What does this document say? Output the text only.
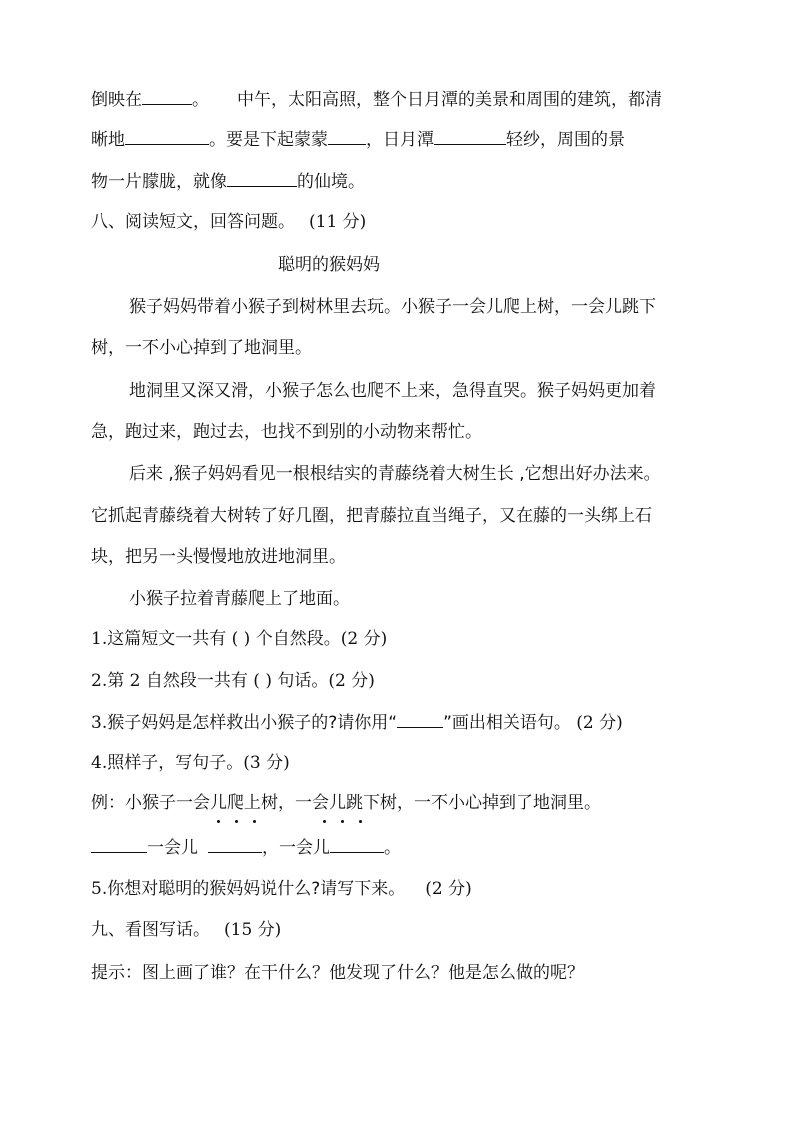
倒映在	。 中午，太阳高照，整个日月潭的美景和周围的建筑，都清
晰地	。要是下起蒙蒙 ，日月潭	轻纱，周围的景
物一片朦胧，就像	的仙境。
八、阅读短文，回答问题。 (11 分)
聪明的猴妈妈
猴子妈妈带着小猴子到树林里去玩。小猴子一会儿爬上树，一会儿跳下
树，一不小心掉到了地洞里。
地洞里又深又滑，小猴子怎么也爬不上来，急得直哭。猴子妈妈更加着
急，跑过来，跑过去，也找不到别的小动物来帮忙。
后来 ,猴子妈妈看见一根根结实的青藤绕着大树生长 ,它想出好办法来。
它抓起青藤绕着大树转了好几圈，把青藤拉直当绳子，又在藤的一头绑上石
块，把另一头慢慢地放进地洞里。
小猴子拉着青藤爬上了地面。
1.这篇短文一共有 ( ) 个自然段。(2 分)
2.第 2 自然段一共有 ( ) 句话。(2 分)
3.猴子妈妈是怎样救出小猴子的?请你用“	”画出相关语句。 (2 分)
4.照样子，写句子。(3 分)
例：小猴子一会儿爬上树，一会儿跳下树，一不小心掉到了地洞里。
一会儿	，一会儿	。
5.你想对聪明的猴妈妈说什么?请写下来。 (2 分)
九、看图写话。 (15 分)
提示：图上画了谁？在干什么？他发现了什么？他是怎么做的呢？
